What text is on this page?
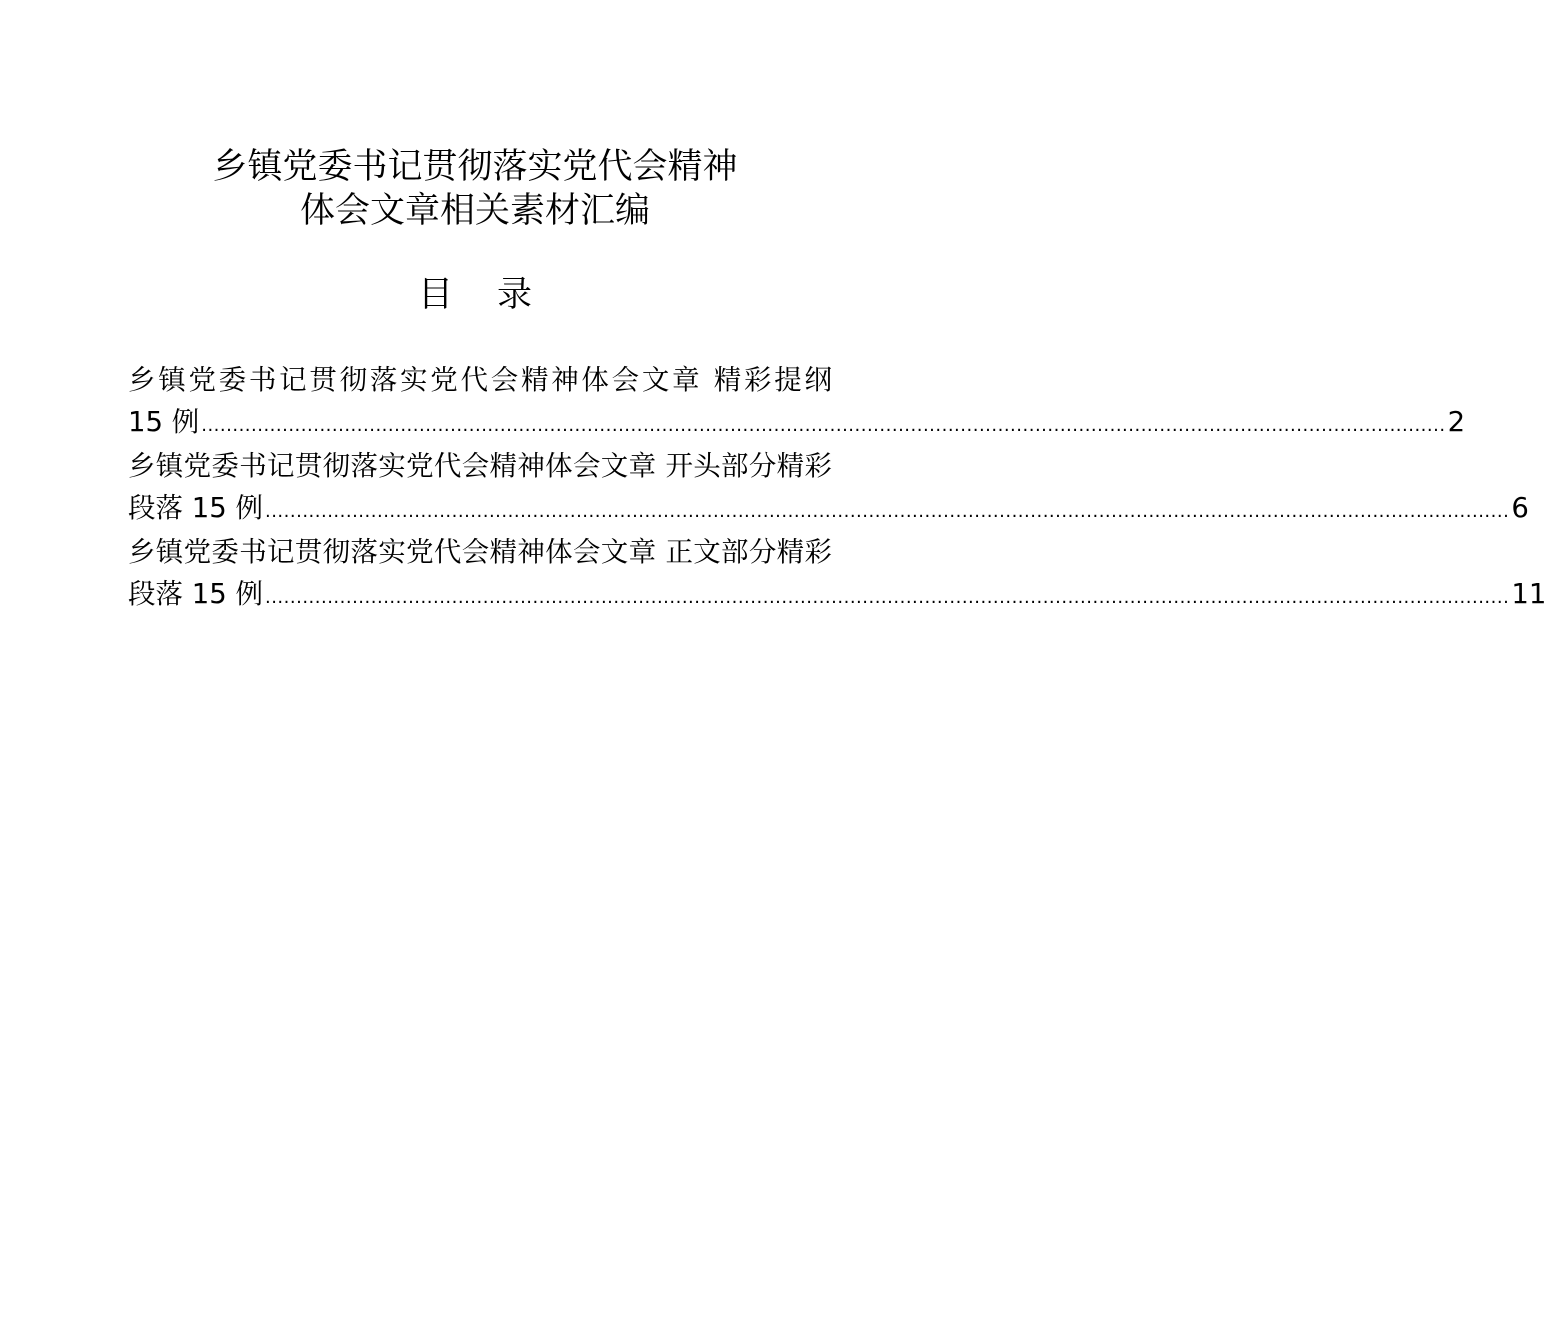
乡镇党委书记贯彻落实党代会精神
体会文章相关素材汇编
目 录
乡镇党委书记贯彻落实党代会精神体会文章 精彩提纲
15 例 ........................................................................................................................................................................................................ 2
乡镇党委书记贯彻落实党代会精神体会文章 开头部分精彩
段落 15 例 ........................................................................................................................................................................................................ 6
乡镇党委书记贯彻落实党代会精神体会文章 正文部分精彩
段落 15 例 ........................................................................................................................................................................................................ 11
